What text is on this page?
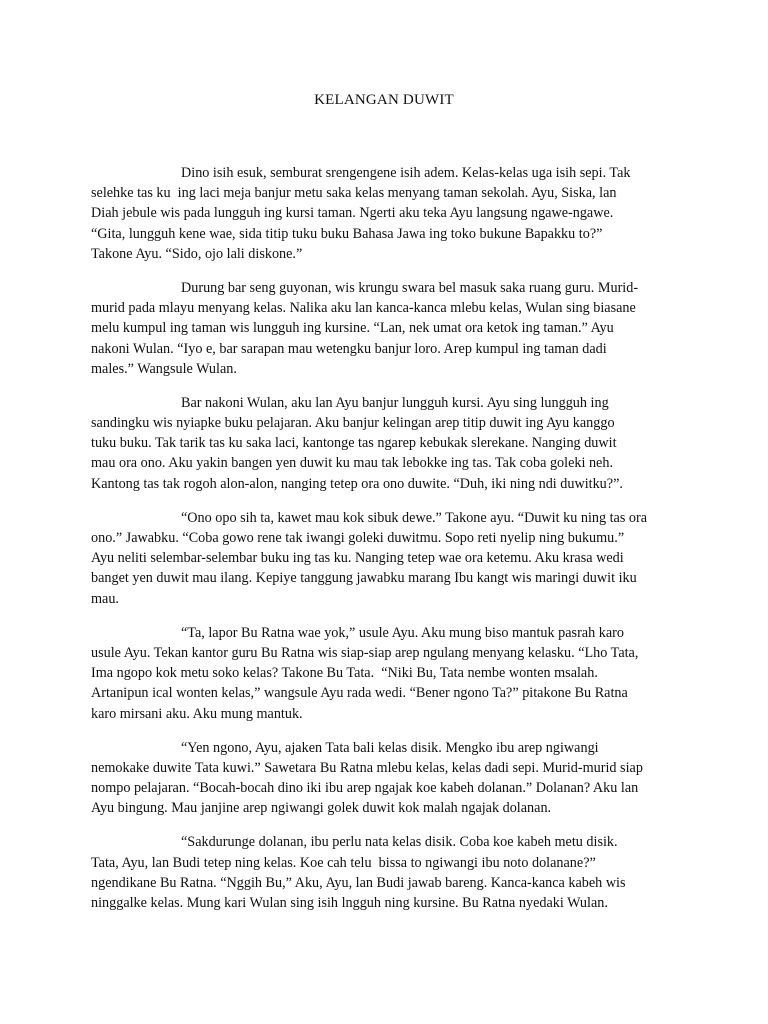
KELANGAN DUWIT
Dino isih esuk, semburat srengengene isih adem. Kelas-kelas uga isih sepi. Tak
selehke tas ku  ing laci meja banjur metu saka kelas menyang taman sekolah. Ayu, Siska, lan
Diah jebule wis pada lungguh ing kursi taman. Ngerti aku teka Ayu langsung ngawe-ngawe.
“Gita, lungguh kene wae, sida titip tuku buku Bahasa Jawa ing toko bukune Bapakku to?”
Takone Ayu. “Sido, ojo lali diskone.”
Durung bar seng guyonan, wis krungu swara bel masuk saka ruang guru. Murid-
murid pada mlayu menyang kelas. Nalika aku lan kanca-kanca mlebu kelas, Wulan sing biasane
melu kumpul ing taman wis lungguh ing kursine. “Lan, nek umat ora ketok ing taman.” Ayu
nakoni Wulan. “Iyo e, bar sarapan mau wetengku banjur loro. Arep kumpul ing taman dadi
males.” Wangsule Wulan.
Bar nakoni Wulan, aku lan Ayu banjur lungguh kursi. Ayu sing lungguh ing
sandingku wis nyiapke buku pelajaran. Aku banjur kelingan arep titip duwit ing Ayu kanggo
tuku buku. Tak tarik tas ku saka laci, kantonge tas ngarep kebukak slerekane. Nanging duwit
mau ora ono. Aku yakin bangen yen duwit ku mau tak lebokke ing tas. Tak coba goleki neh.
Kantong tas tak rogoh alon-alon, nanging tetep ora ono duwite. “Duh, iki ning ndi duwitku?”.
“Ono opo sih ta, kawet mau kok sibuk dewe.” Takone ayu. “Duwit ku ning tas ora
ono.” Jawabku. “Coba gowo rene tak iwangi goleki duwitmu. Sopo reti nyelip ning bukumu.”
Ayu neliti selembar-selembar buku ing tas ku. Nanging tetep wae ora ketemu. Aku krasa wedi
banget yen duwit mau ilang. Kepiye tanggung jawabku marang Ibu kangt wis maringi duwit iku
mau.
“Ta, lapor Bu Ratna wae yok,” usule Ayu. Aku mung biso mantuk pasrah karo
usule Ayu. Tekan kantor guru Bu Ratna wis siap-siap arep ngulang menyang kelasku. “Lho Tata,
Ima ngopo kok metu soko kelas? Takone Bu Tata.  “Niki Bu, Tata nembe wonten msalah.
Artanipun ical wonten kelas,” wangsule Ayu rada wedi. “Bener ngono Ta?” pitakone Bu Ratna
karo mirsani aku. Aku mung mantuk.
“Yen ngono, Ayu, ajaken Tata bali kelas disik. Mengko ibu arep ngiwangi
nemokake duwite Tata kuwi.” Sawetara Bu Ratna mlebu kelas, kelas dadi sepi. Murid-murid siap
nompo pelajaran. “Bocah-bocah dino iki ibu arep ngajak koe kabeh dolanan.” Dolanan? Aku lan
Ayu bingung. Mau janjine arep ngiwangi golek duwit kok malah ngajak dolanan.
“Sakdurunge dolanan, ibu perlu nata kelas disik. Coba koe kabeh metu disik.
Tata, Ayu, lan Budi tetep ning kelas. Koe cah telu  bissa to ngiwangi ibu noto dolanane?”
ngendikane Bu Ratna. “Nggih Bu,” Aku, Ayu, lan Budi jawab bareng. Kanca-kanca kabeh wis
ninggalke kelas. Mung kari Wulan sing isih lngguh ning kursine. Bu Ratna nyedaki Wulan.
